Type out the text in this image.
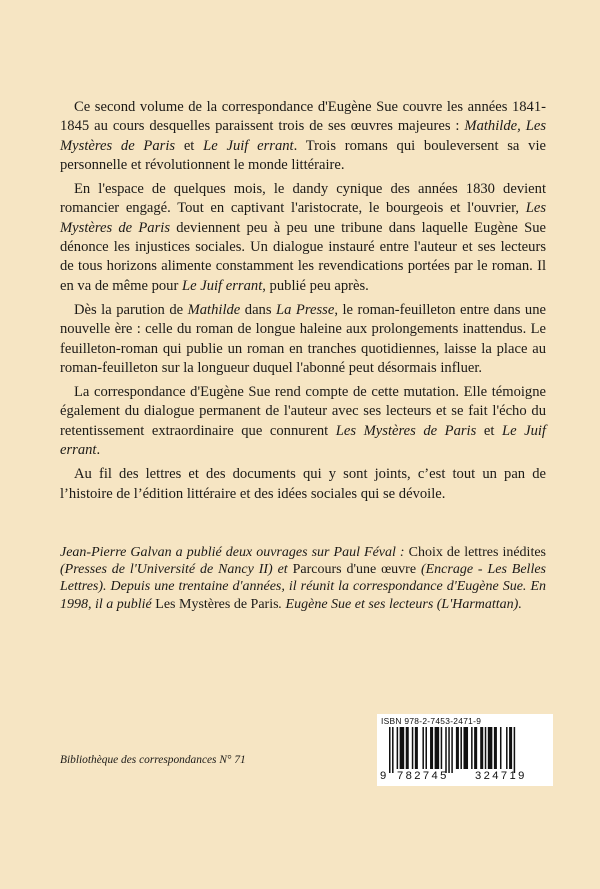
Ce second volume de la correspondance d'Eugène Sue couvre les années 1841-1845 au cours desquelles paraissent trois de ses œuvres majeures : Mathilde, Les Mystères de Paris et Le Juif errant. Trois romans qui bouleversent sa vie personnelle et révolutionnent le monde littéraire.

En l'espace de quelques mois, le dandy cynique des années 1830 devient romancier engagé. Tout en captivant l'aristocrate, le bourgeois et l'ouvrier, Les Mystères de Paris deviennent peu à peu une tribune dans laquelle Eugène Sue dénonce les injustices sociales. Un dialogue instauré entre l'auteur et ses lecteurs de tous horizons alimente constamment les revendications portées par le roman. Il en va de même pour Le Juif errant, publié peu après.

Dès la parution de Mathilde dans La Presse, le roman-feuilleton entre dans une nouvelle ère : celle du roman de longue haleine aux prolongements inattendus. Le feuilleton-roman qui publie un roman en tranches quotidiennes, laisse la place au roman-feuilleton sur la longueur duquel l'abonné peut désormais influer.

La correspondance d'Eugène Sue rend compte de cette mutation. Elle témoigne également du dialogue permanent de l'auteur avec ses lecteurs et se fait l'écho du retentissement extraordinaire que connurent Les Mystères de Paris et Le Juif errant.

Au fil des lettres et des documents qui y sont joints, c’est tout un pan de l’histoire de l’édition littéraire et des idées sociales qui se dévoile.

Jean-Pierre Galvan a publié deux ouvrages sur Paul Féval : Choix de lettres inédites (Presses de l'Université de Nancy II) et Parcours d'une œuvre (Encrage - Les Belles Lettres). Depuis une trentaine d'années, il réunit la correspondance d'Eugène Sue. En 1998, il a publié Les Mystères de Paris. Eugène Sue et ses lecteurs (L'Harmattan).
Bibliothèque des correspondances N° 71
ISBN 978-2-7453-2471-9
9 782745 324719
